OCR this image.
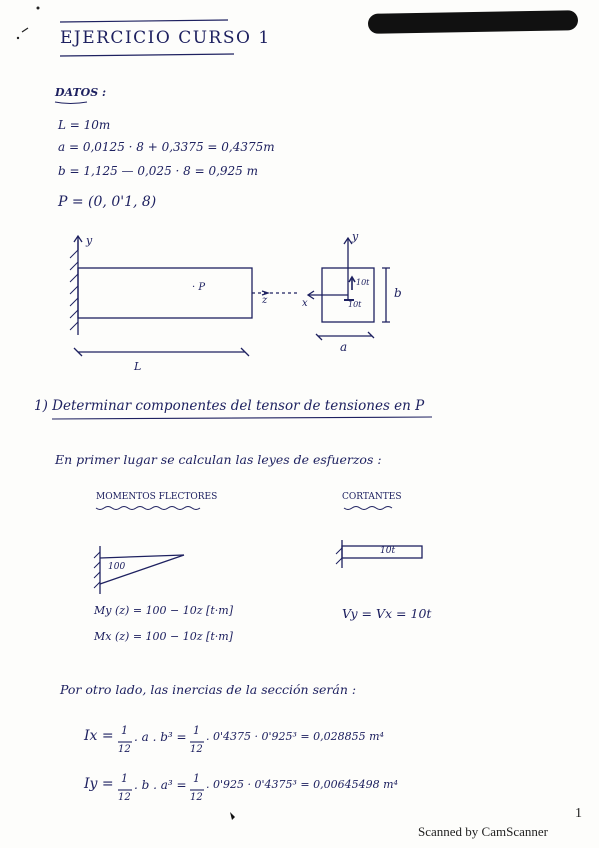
EJERCICIO CURSO 1
DATOS :
L = 10m
a = 0,0125 · 8 + 0,3375 = 0,4375m
b = 1,125 — 0,025 · 8 = 0,925 m
P = (0, 0'1, 8)
y
· P
z
L
y
x
10t
10t
b
a
1) Determinar componentes del tensor de tensiones en P
En primer lugar se calculan las leyes de esfuerzos :
MOMENTOS FLECTORES	CORTANTES
100
10t
My (z) = 100 − 10z [t·m]
Mx (z) = 100 − 10z [t·m]
Vy = Vx = 10t
Por otro lado, las inercias de la sección serán :
Ix = 1
12
. a . b³ = 1
12
. 0'4375 · 0'925³ = 0,028855 m⁴
Iy = 1
12
. b . a³ = 1
12
. 0'925 · 0'4375³ = 0,00645498 m⁴
1
Scanned by CamScanner
